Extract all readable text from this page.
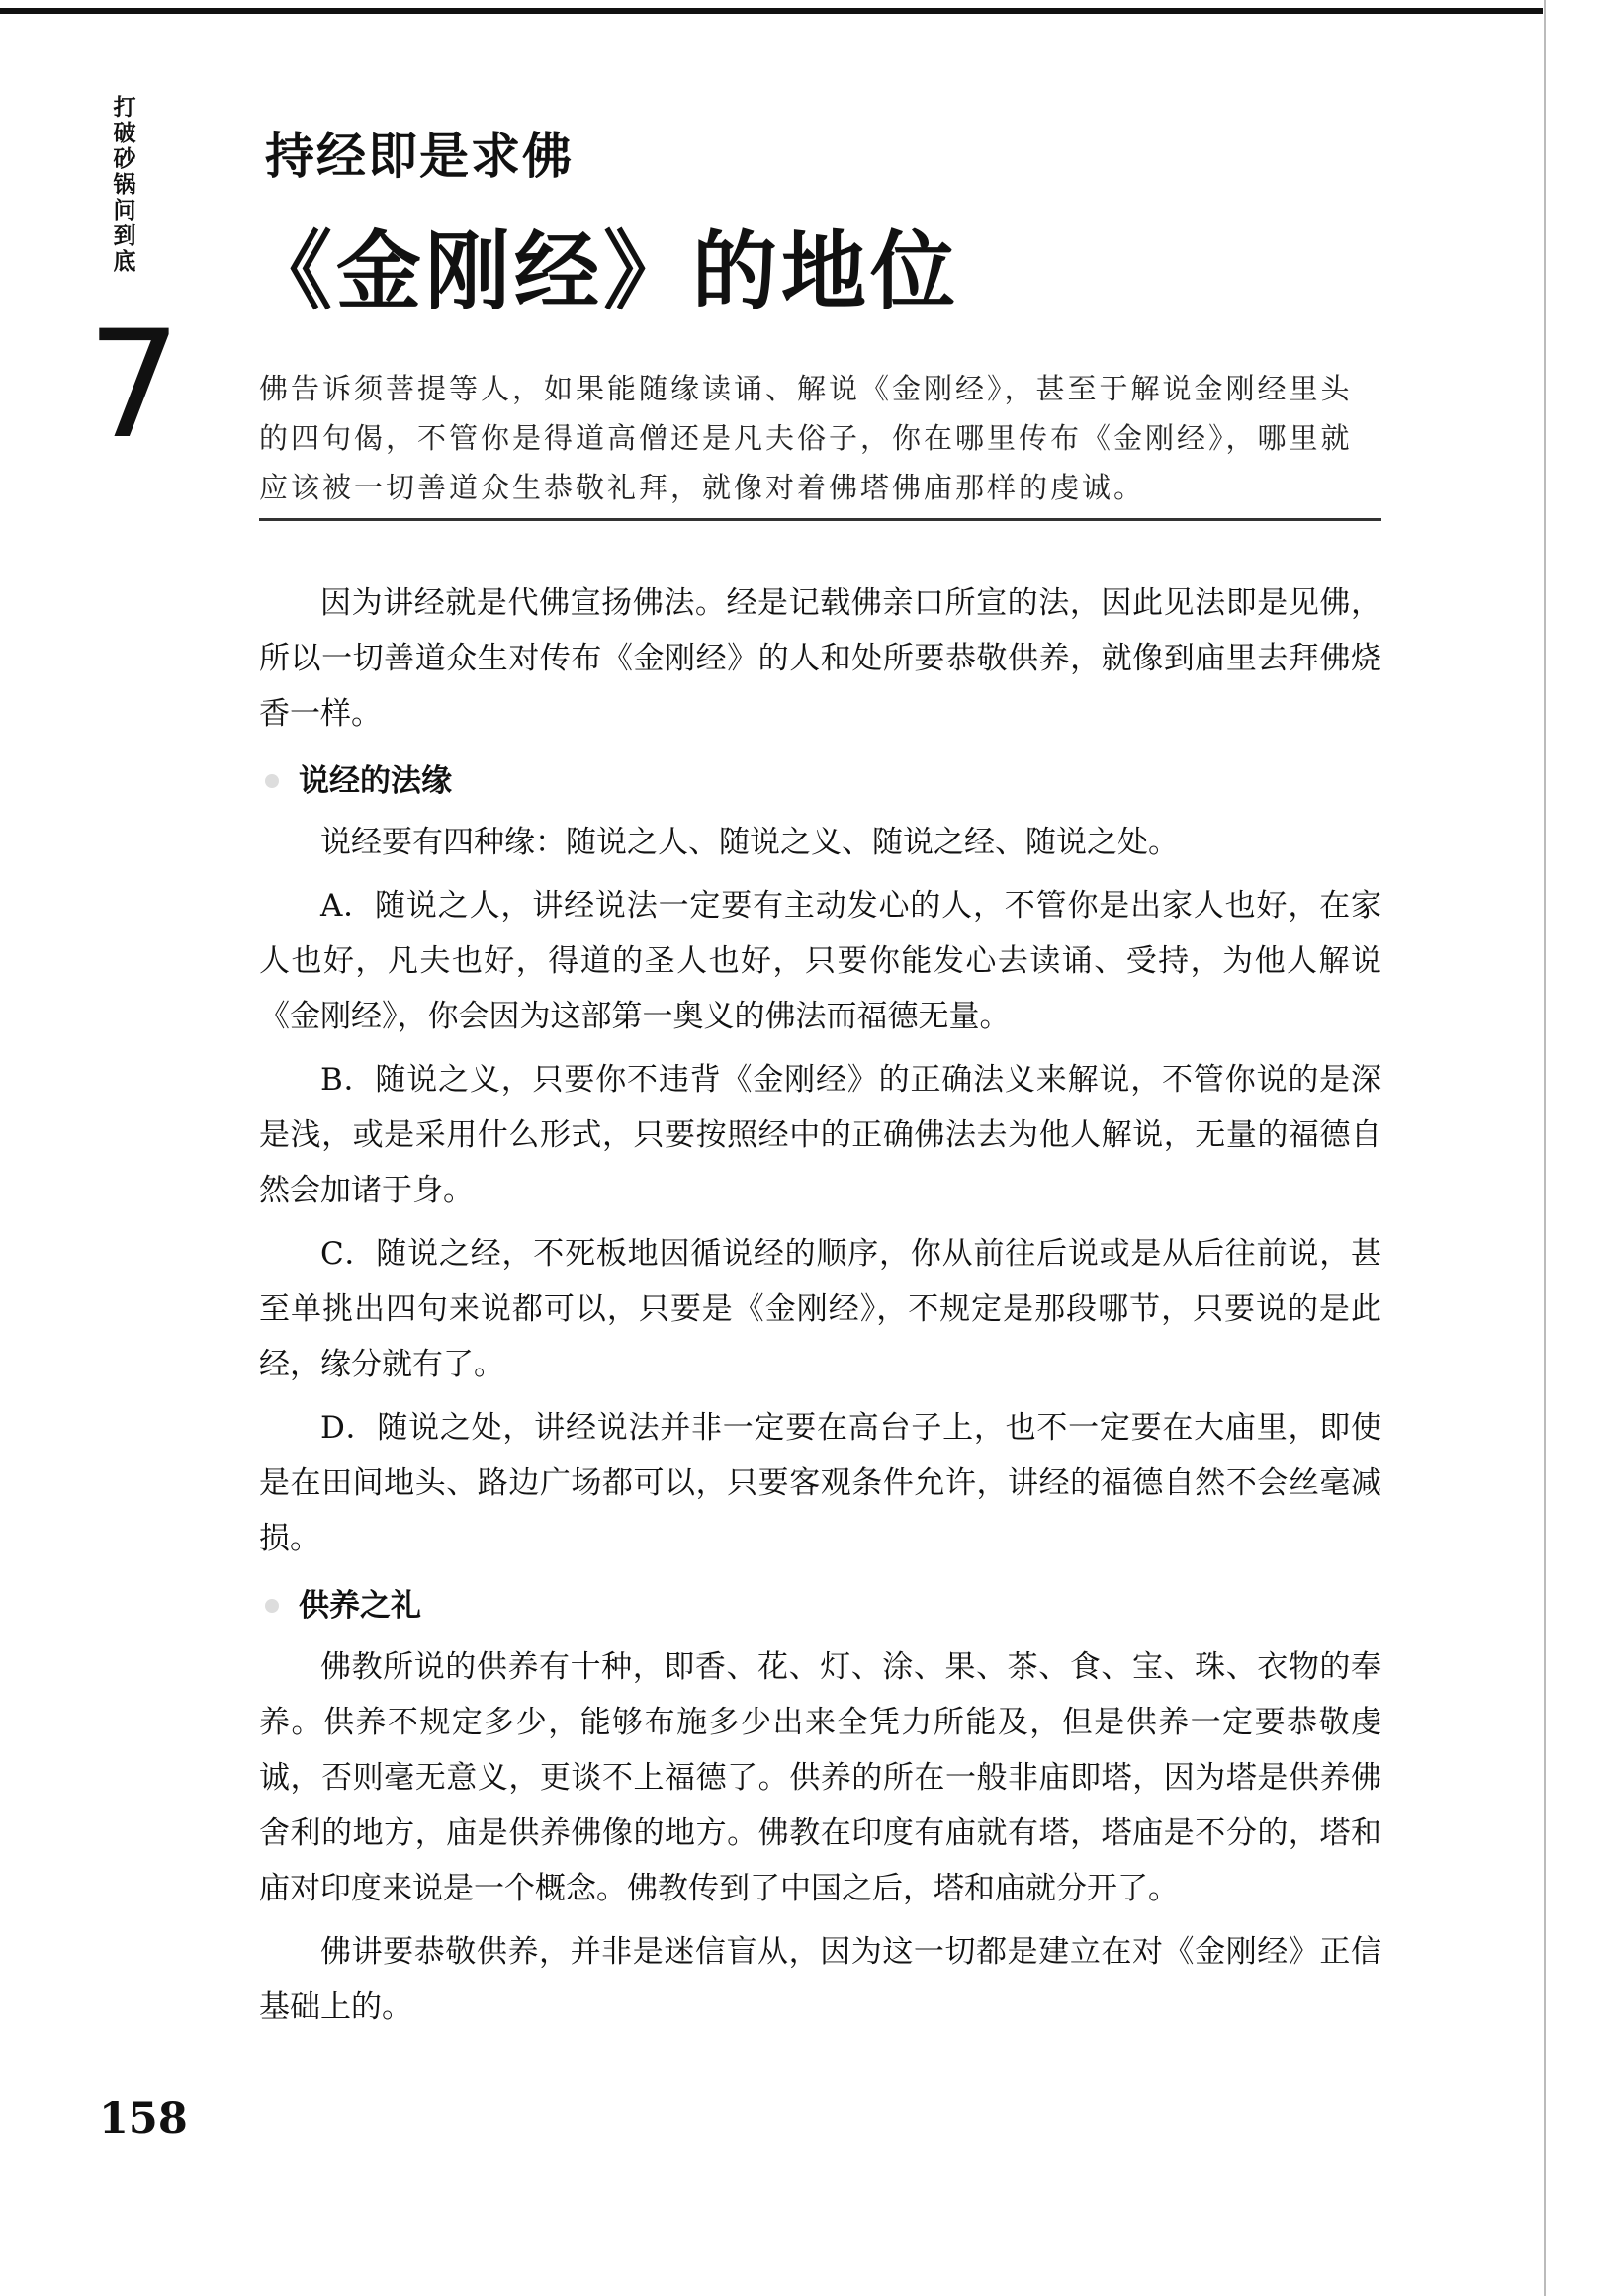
打破砂锅问到底
7
持经即是求佛
《金刚经》的地位
佛告诉须菩提等人，如果能随缘读诵、解说《金刚经》，甚至于解说金刚经里头的四句偈，不管你是得道高僧还是凡夫俗子，你在哪里传布《金刚经》，哪里就应该被一切善道众生恭敬礼拜，就像对着佛塔佛庙那样的虔诚。

因为讲经就是代佛宣扬佛法。经是记载佛亲口所宣的法，因此见法即是见佛，所以一切善道众生对传布《金刚经》的人和处所要恭敬供养，就像到庙里去拜佛烧香一样。

说经的法缘

说经要有四种缘：随说之人、随说之义、随说之经、随说之处。

A．随说之人，讲经说法一定要有主动发心的人，不管你是出家人也好，在家人也好，凡夫也好，得道的圣人也好，只要你能发心去读诵、受持，为他人解说《金刚经》，你会因为这部第一奥义的佛法而福德无量。

B．随说之义，只要你不违背《金刚经》的正确法义来解说，不管你说的是深是浅，或是采用什么形式，只要按照经中的正确佛法去为他人解说，无量的福德自然会加诸于身。

C．随说之经，不死板地因循说经的顺序，你从前往后说或是从后往前说，甚至单挑出四句来说都可以，只要是《金刚经》，不规定是那段哪节，只要说的是此经，缘分就有了。

D．随说之处，讲经说法并非一定要在高台子上，也不一定要在大庙里，即使是在田间地头、路边广场都可以，只要客观条件允许，讲经的福德自然不会丝毫减损。

供养之礼

佛教所说的供养有十种，即香、花、灯、涂、果、茶、食、宝、珠、衣物的奉养。供养不规定多少，能够布施多少出来全凭力所能及，但是供养一定要恭敬虔诚，否则毫无意义，更谈不上福德了。供养的所在一般非庙即塔，因为塔是供养佛舍利的地方，庙是供养佛像的地方。佛教在印度有庙就有塔，塔庙是不分的，塔和庙对印度来说是一个概念。佛教传到了中国之后，塔和庙就分开了。

佛讲要恭敬供养，并非是迷信盲从，因为这一切都是建立在对《金刚经》正信基础上的。

158
